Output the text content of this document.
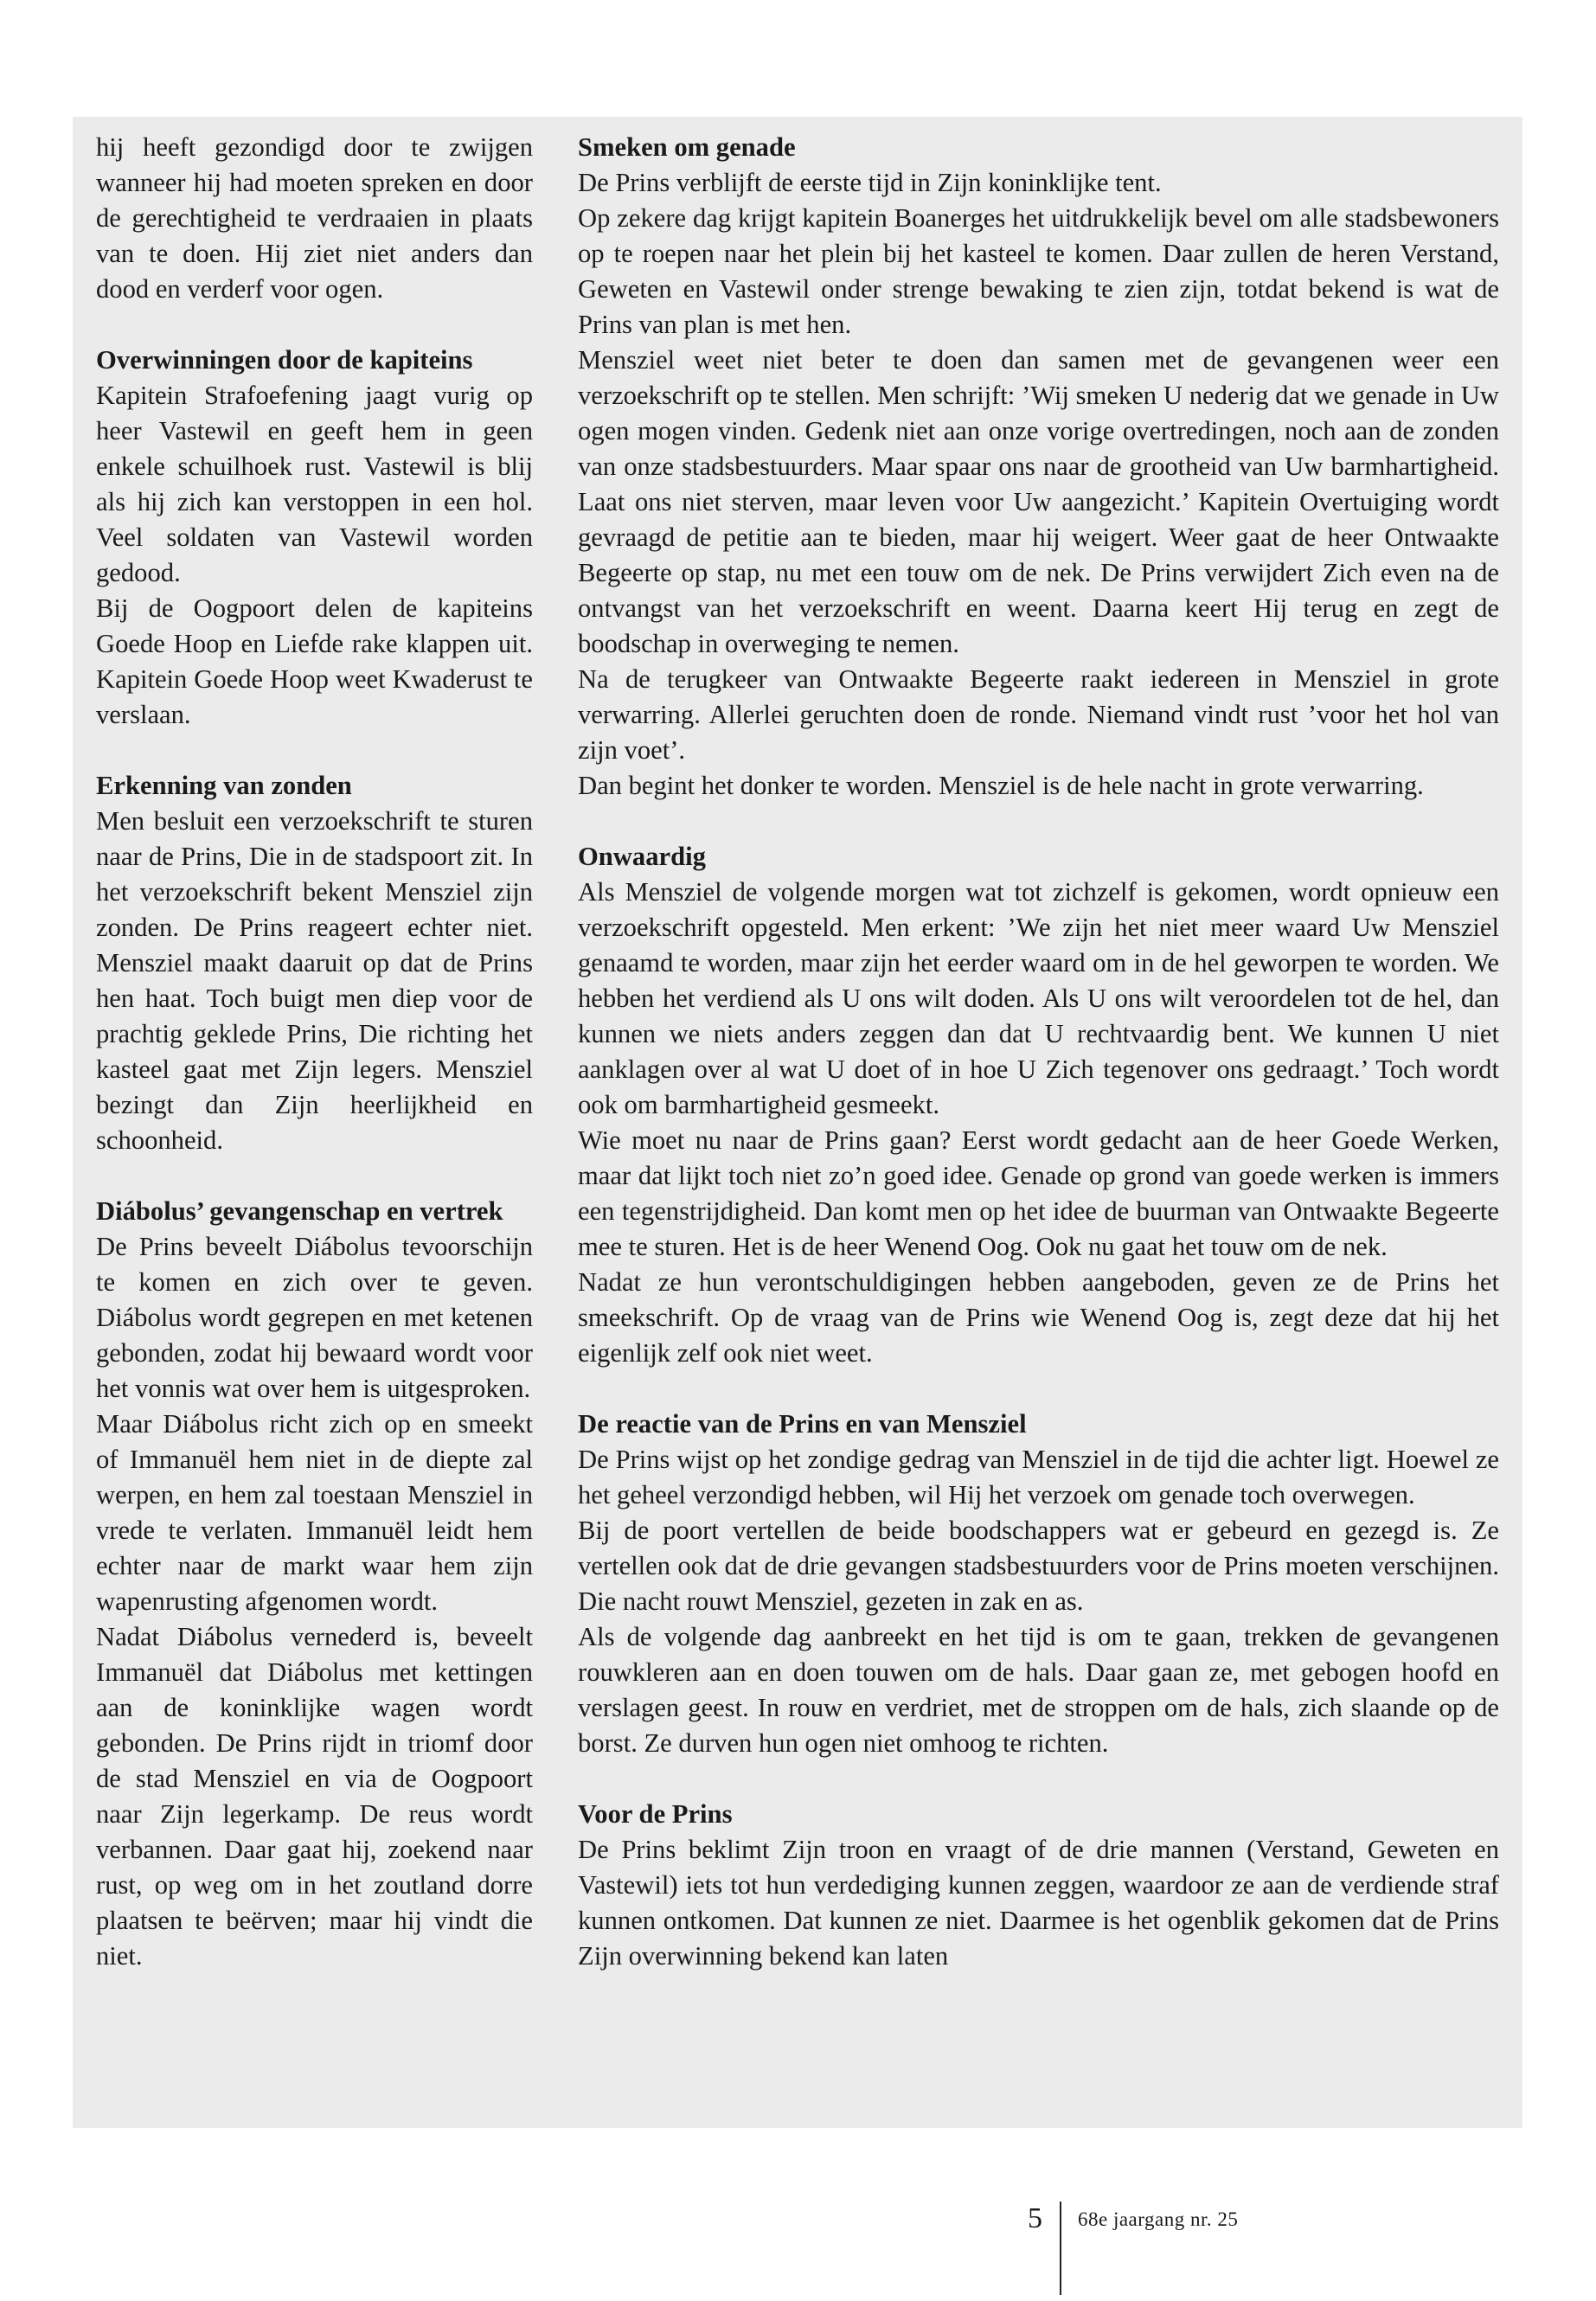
hij heeft gezondigd door te zwijgen wanneer hij had moeten spreken en door de gerechtigheid te verdraaien in plaats van te doen. Hij ziet niet anders dan dood en verderf voor ogen.

Overwinningen door de kapiteins

Kapitein Strafoefening jaagt vurig op heer Vastewil en geeft hem in geen enkele schuilhoek rust. Vastewil is blij als hij zich kan verstoppen in een hol. Veel soldaten van Vastewil worden gedood.

Bij de Oogpoort delen de kapiteins Goede Hoop en Liefde rake klappen uit. Kapitein Goede Hoop weet Kwaderust te verslaan.

Erkenning van zonden

Men besluit een verzoekschrift te sturen naar de Prins, Die in de stadspoort zit. In het verzoekschrift bekent Mensziel zijn zonden. De Prins reageert echter niet. Mensziel maakt daaruit op dat de Prins hen haat. Toch buigt men diep voor de prachtig geklede Prins, Die richting het kasteel gaat met Zijn legers. Mensziel bezingt dan Zijn heerlijkheid en schoonheid.

Diábolus’ gevangenschap en vertrek

De Prins beveelt Diábolus tevoorschijn te komen en zich over te geven. Diábolus wordt gegrepen en met ketenen gebonden, zodat hij bewaard wordt voor het vonnis wat over hem is uitgesproken.

Maar Diábolus richt zich op en smeekt of Immanuël hem niet in de diepte zal werpen, en hem zal toestaan Mensziel in vrede te verlaten. Immanuël leidt hem echter naar de markt waar hem zijn wapenrusting afgenomen wordt.

Nadat Diábolus vernederd is, beveelt Immanuël dat Diábolus met kettingen aan de koninklijke wagen wordt gebonden. De Prins rijdt in triomf door de stad Mensziel en via de Oogpoort naar Zijn legerkamp. De reus wordt verbannen. Daar gaat hij, zoekend naar rust, op weg om in het zoutland dorre plaatsen te beërven; maar hij vindt die niet.

Smeken om genade

De Prins verblijft de eerste tijd in Zijn koninklijke tent.

Op zekere dag krijgt kapitein Boanerges het uitdrukkelijk bevel om alle stadsbewoners op te roepen naar het plein bij het kasteel te komen. Daar zullen de heren Verstand, Geweten en Vastewil onder strenge bewaking te zien zijn, totdat bekend is wat de Prins van plan is met hen.

Mensziel weet niet beter te doen dan samen met de gevangenen weer een verzoekschrift op te stellen. Men schrijft: ’Wij smeken U nederig dat we genade in Uw ogen mogen vinden. Gedenk niet aan onze vorige overtredingen, noch aan de zonden van onze stadsbestuurders. Maar spaar ons naar de grootheid van Uw barmhartigheid. Laat ons niet sterven, maar leven voor Uw aangezicht.’ Kapitein Overtuiging wordt gevraagd de petitie aan te bieden, maar hij weigert. Weer gaat de heer Ontwaakte Begeerte op stap, nu met een touw om de nek. De Prins verwijdert Zich even na de ontvangst van het verzoekschrift en weent. Daarna keert Hij terug en zegt de boodschap in overweging te nemen.

Na de terugkeer van Ontwaakte Begeerte raakt iedereen in Mensziel in grote verwarring. Allerlei geruchten doen de ronde. Niemand vindt rust ’voor het hol van zijn voet’.

Dan begint het donker te worden. Mensziel is de hele nacht in grote verwarring.

Onwaardig

Als Mensziel de volgende morgen wat tot zichzelf is gekomen, wordt opnieuw een verzoekschrift opgesteld. Men erkent: ’We zijn het niet meer waard Uw Mensziel genaamd te worden, maar zijn het eerder waard om in de hel geworpen te worden. We hebben het verdiend als U ons wilt doden. Als U ons wilt veroordelen tot de hel, dan kunnen we niets anders zeggen dan dat U rechtvaardig bent. We kunnen U niet aanklagen over al wat U doet of in hoe U Zich tegenover ons gedraagt.’ Toch wordt ook om barmhartigheid gesmeekt.

Wie moet nu naar de Prins gaan? Eerst wordt gedacht aan de heer Goede Werken, maar dat lijkt toch niet zo’n goed idee. Genade op grond van goede werken is immers een tegenstrijdigheid. Dan komt men op het idee de buurman van Ontwaakte Begeerte mee te sturen. Het is de heer Wenend Oog. Ook nu gaat het touw om de nek.

Nadat ze hun verontschuldigingen hebben aangeboden, geven ze de Prins het smeekschrift. Op de vraag van de Prins wie Wenend Oog is, zegt deze dat hij het eigenlijk zelf ook niet weet.

De reactie van de Prins en van Mensziel

De Prins wijst op het zondige gedrag van Mensziel in de tijd die achter ligt. Hoewel ze het geheel verzondigd hebben, wil Hij het verzoek om genade toch overwegen.

Bij de poort vertellen de beide boodschappers wat er gebeurd en gezegd is. Ze vertellen ook dat de drie gevangen stadsbestuurders voor de Prins moeten verschijnen. Die nacht rouwt Mensziel, gezeten in zak en as.

Als de volgende dag aanbreekt en het tijd is om te gaan, trekken de gevangenen rouwklеren aan en doen touwen om de hals. Daar gaan ze, met gebogen hoofd en verslagen geest. In rouw en verdriet, met de stroppen om de hals, zich slaande op de borst. Ze durven hun ogen niet omhoog te richten.

Voor de Prins

De Prins beklimt Zijn troon en vraagt of de drie mannen (Verstand, Geweten en Vastewil) iets tot hun verdediging kunnen zeggen, waardoor ze aan de verdiende straf kunnen ontkomen. Dat kunnen ze niet. Daarmee is het ogenblik gekomen dat de Prins Zijn overwinning bekend kan laten

5 68e jaargang nr. 25
